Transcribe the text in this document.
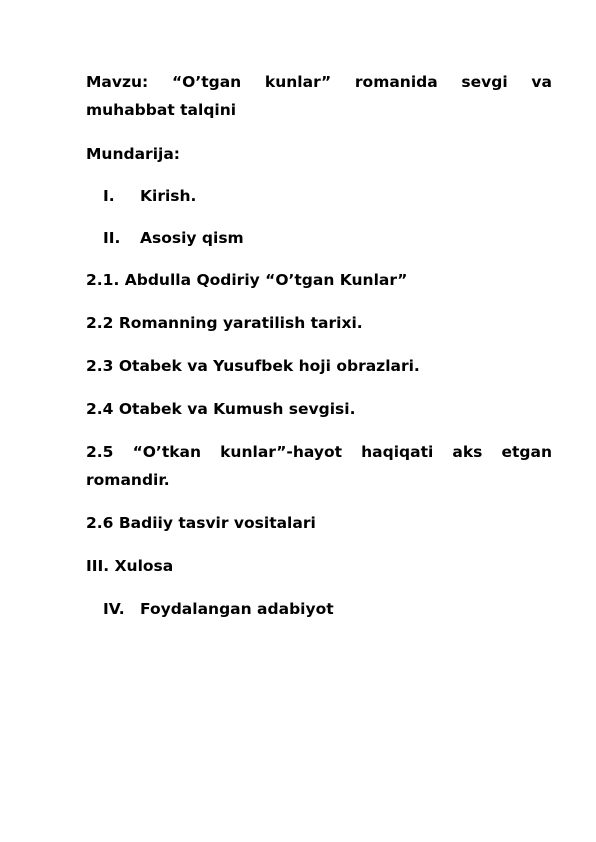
Mavzu: “O’tgan kunlar” romanida sevgi va
muhabbat talqini
Mundarija:
I. Kirish.
II. Asosiy qism
2.1. Abdulla Qodiriy “O’tgan Kunlar”
2.2 Romanning yaratilish tarixi.
2.3 Otabek va Yusufbek hoji obrazlari.
2.4 Otabek va Kumush sevgisi.
2.5 “O’tkan kunlar”-hayot haqiqati aks etgan
romandir.
2.6 Badiiy tasvir vositalari
III. Xulosa
IV. Foydalangan adabiyot
